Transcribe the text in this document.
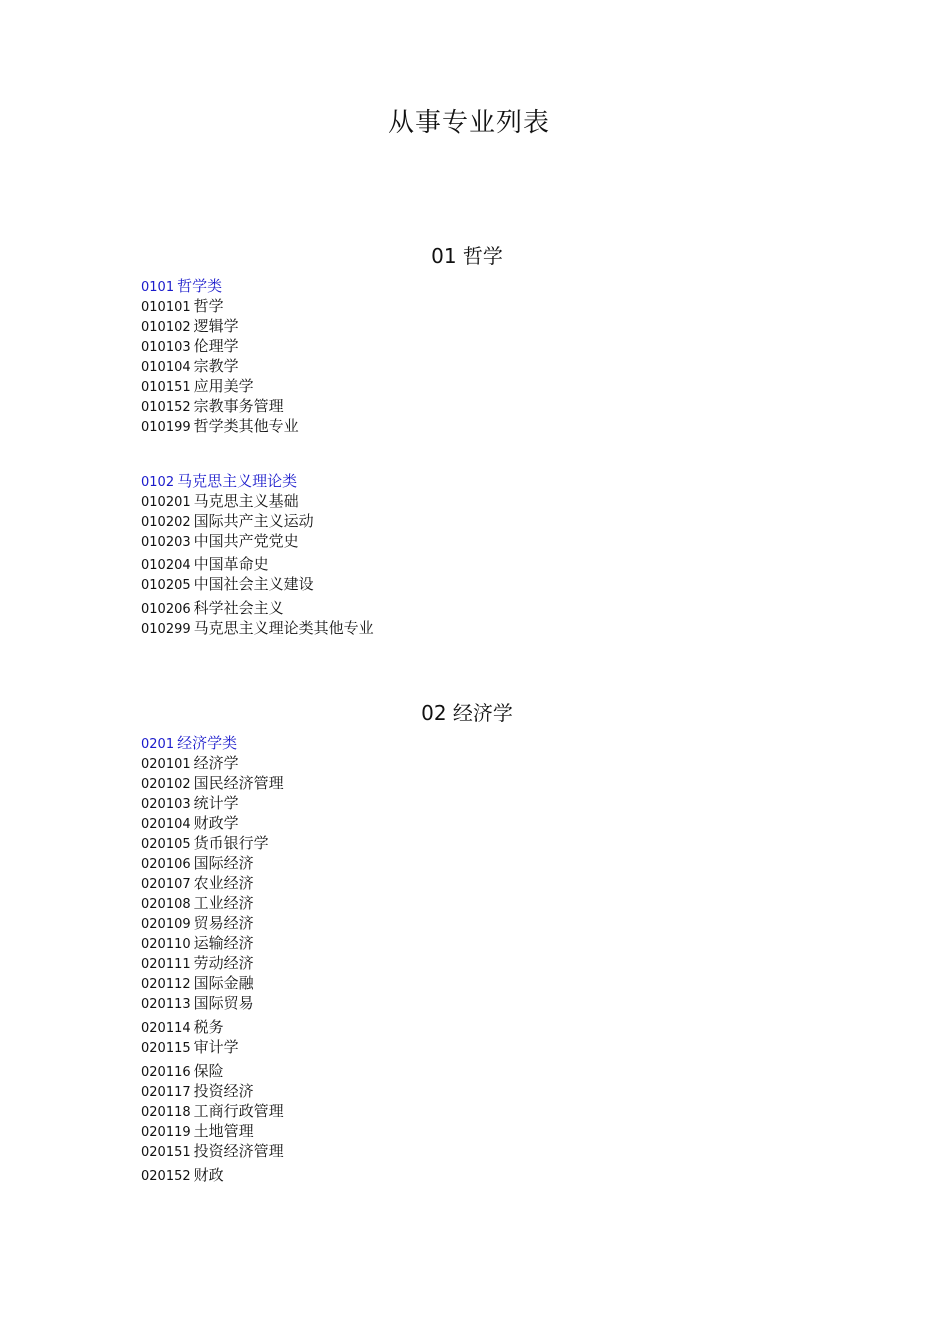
从事专业列表
01 哲学
0101 哲学类
010101 哲学
010102 逻辑学
010103 伦理学
010104 宗教学
010151 应用美学
010152 宗教事务管理
010199 哲学类其他专业
0102 马克思主义理论类
010201 马克思主义基础
010202 国际共产主义运动
010203 中国共产党党史
010204 中国革命史
010205 中国社会主义建设
010206 科学社会主义
010299 马克思主义理论类其他专业
02 经济学
0201 经济学类
020101 经济学
020102 国民经济管理
020103 统计学
020104 财政学
020105 货币银行学
020106 国际经济
020107 农业经济
020108 工业经济
020109 贸易经济
020110 运输经济
020111 劳动经济
020112 国际金融
020113 国际贸易
020114 税务
020115 审计学
020116 保险
020117 投资经济
020118 工商行政管理
020119 土地管理
020151 投资经济管理
020152 财政
